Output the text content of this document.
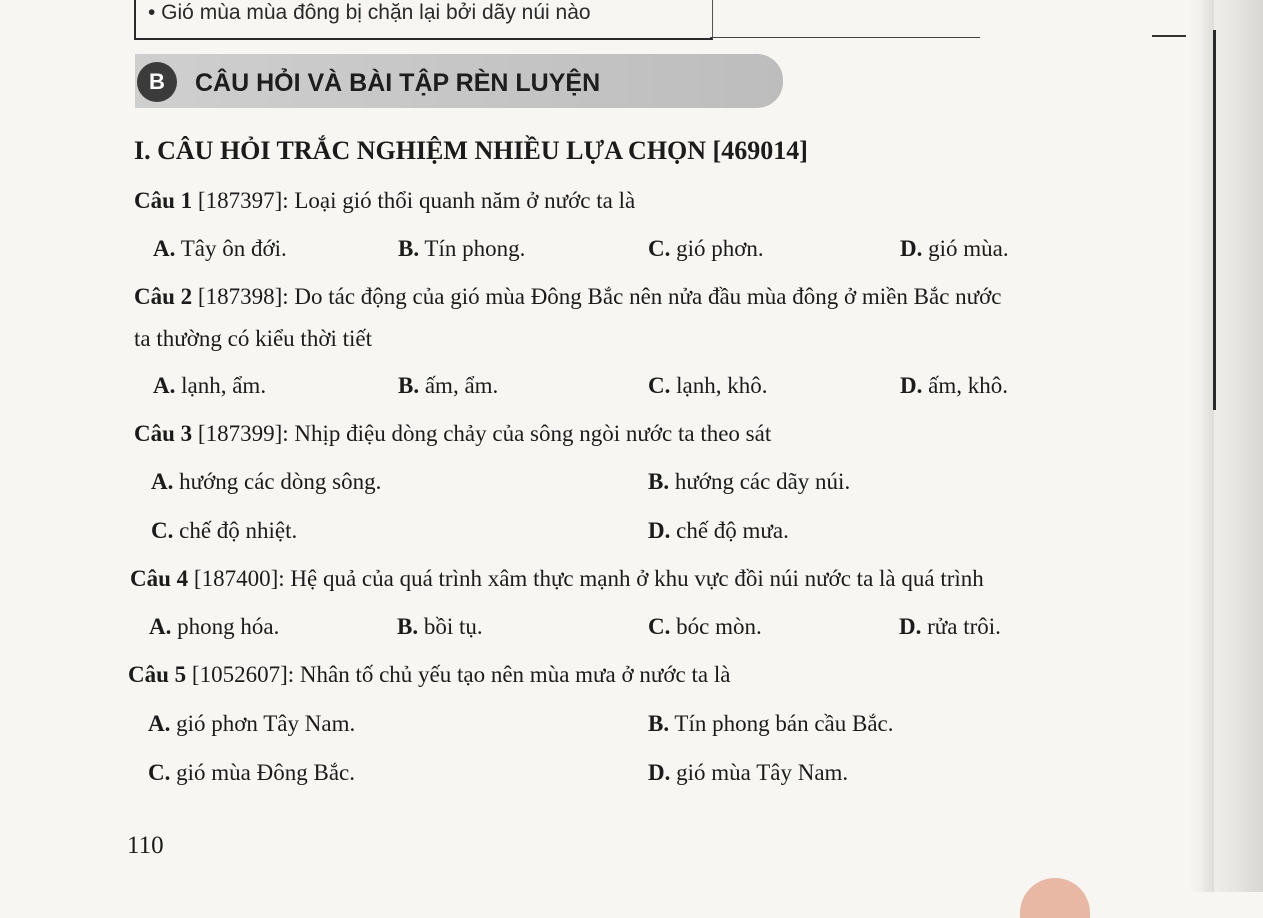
• Gió mùa mùa đông bị chặn lại bởi dãy núi nào
B	CÂU HỎI VÀ BÀI TẬP RÈN LUYỆN
I. CÂU HỎI TRẮC NGHIỆM NHIỀU LỰA CHỌN [469014]
Câu 1 [187397]: Loại gió thổi quanh năm ở nước ta là
A. Tây ôn đới.	B. Tín phong.	C. gió phơn.	D. gió mùa.
Câu 2 [187398]: Do tác động của gió mùa Đông Bắc nên nửa đầu mùa đông ở miền Bắc nước
ta thường có kiểu thời tiết
A. lạnh, ẩm.	B. ấm, ẩm.	C. lạnh, khô.	D. ấm, khô.
Câu 3 [187399]: Nhịp điệu dòng chảy của sông ngòi nước ta theo sát
A. hướng các dòng sông.	B. hướng các dãy núi.
C. chế độ nhiệt.	D. chế độ mưa.
Câu 4 [187400]: Hệ quả của quá trình xâm thực mạnh ở khu vực đồi núi nước ta là quá trình
A. phong hóa.	B. bồi tụ.	C. bóc mòn.	D. rửa trôi.
Câu 5 [1052607]: Nhân tố chủ yếu tạo nên mùa mưa ở nước ta là
A. gió phơn Tây Nam.	B. Tín phong bán cầu Bắc.
C. gió mùa Đông Bắc.	D. gió mùa Tây Nam.
110
